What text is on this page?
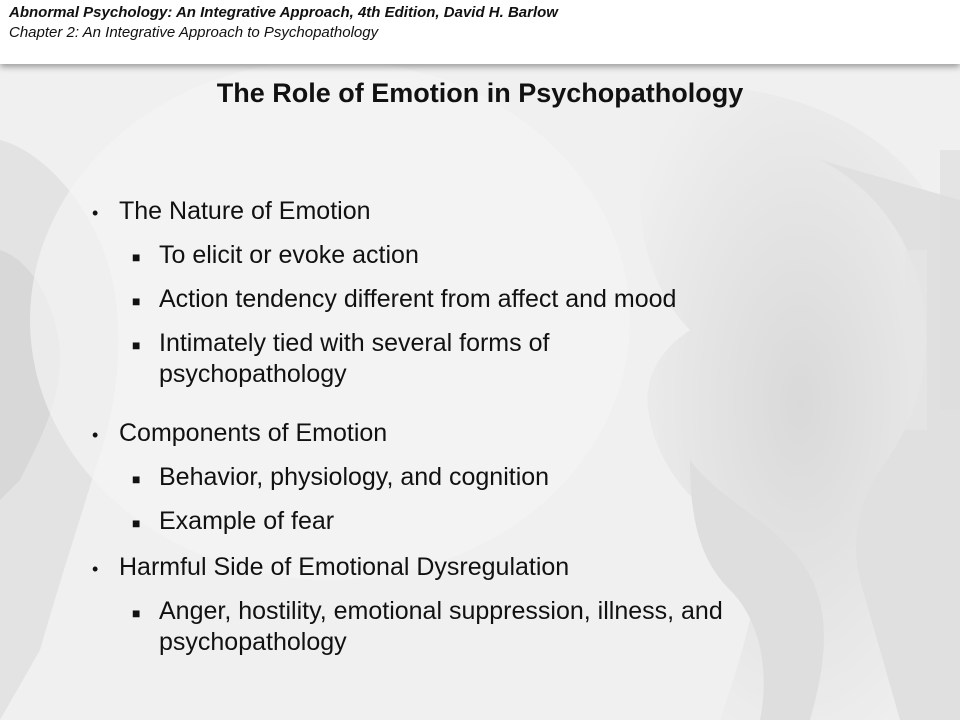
Abnormal Psychology: An Integrative Approach, 4th Edition, David H. Barlow
Chapter 2: An Integrative Approach to Psychopathology
The Role of Emotion in Psychopathology
• The Nature of Emotion
■ To elicit or evoke action
■ Action tendency different from affect and mood
■ Intimately tied with several forms of psychopathology
• Components of Emotion
■ Behavior, physiology, and cognition
■ Example of fear
• Harmful Side of Emotional Dysregulation
■ Anger, hostility, emotional suppression, illness, and psychopathology
